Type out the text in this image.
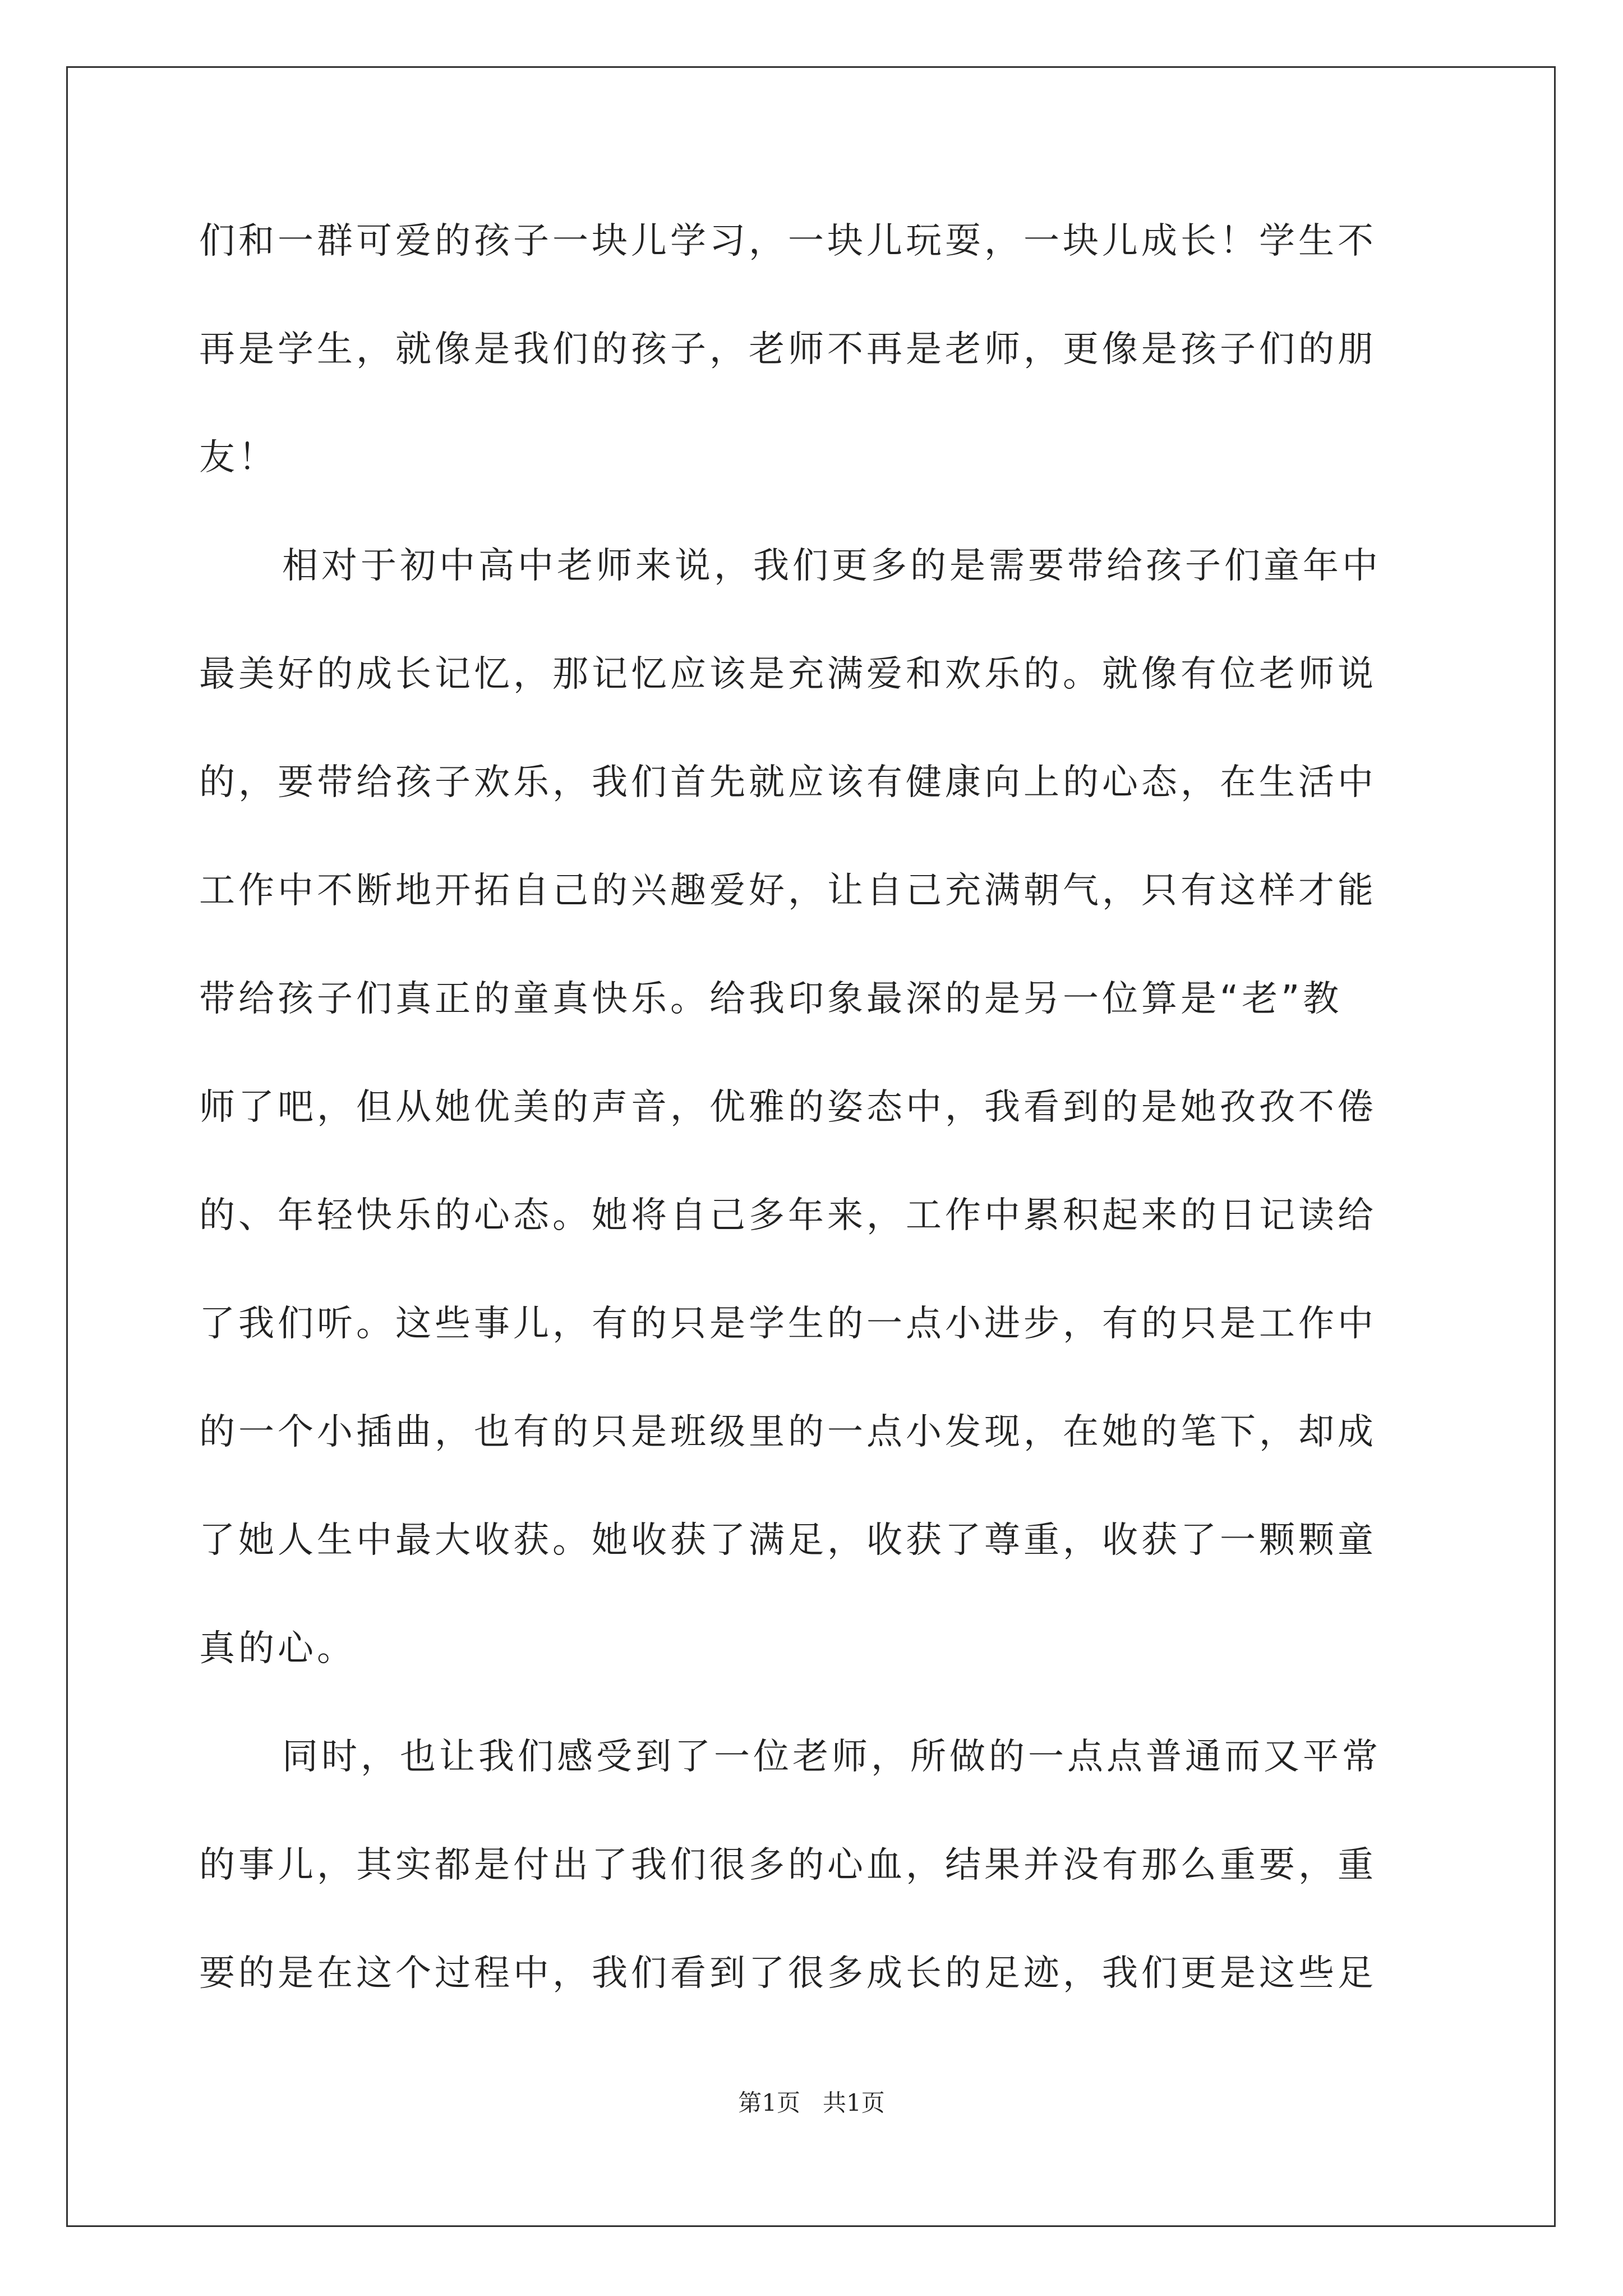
们和一群可爱的孩子一块儿学习，一块儿玩耍，一块儿成长！学生不
再是学生，就像是我们的孩子，老师不再是老师，更像是孩子们的朋
友！
相对于初中高中老师来说，我们更多的是需要带给孩子们童年中
最美好的成长记忆，那记忆应该是充满爱和欢乐的。就像有位老师说
的，要带给孩子欢乐，我们首先就应该有健康向上的心态，在生活中
工作中不断地开拓自己的兴趣爱好，让自己充满朝气，只有这样才能
带给孩子们真正的童真快乐。给我印象最深的是另一位算是“老”教
师了吧，但从她优美的声音，优雅的姿态中，我看到的是她孜孜不倦
的、年轻快乐的心态。她将自己多年来，工作中累积起来的日记读给
了我们听。这些事儿，有的只是学生的一点小进步，有的只是工作中
的一个小插曲，也有的只是班级里的一点小发现，在她的笔下，却成
了她人生中最大收获。她收获了满足，收获了尊重，收获了一颗颗童
真的心。
同时，也让我们感受到了一位老师，所做的一点点普通而又平常
的事儿，其实都是付出了我们很多的心血，结果并没有那么重要，重
要的是在这个过程中，我们看到了很多成长的足迹，我们更是这些足
第1页   共1页
